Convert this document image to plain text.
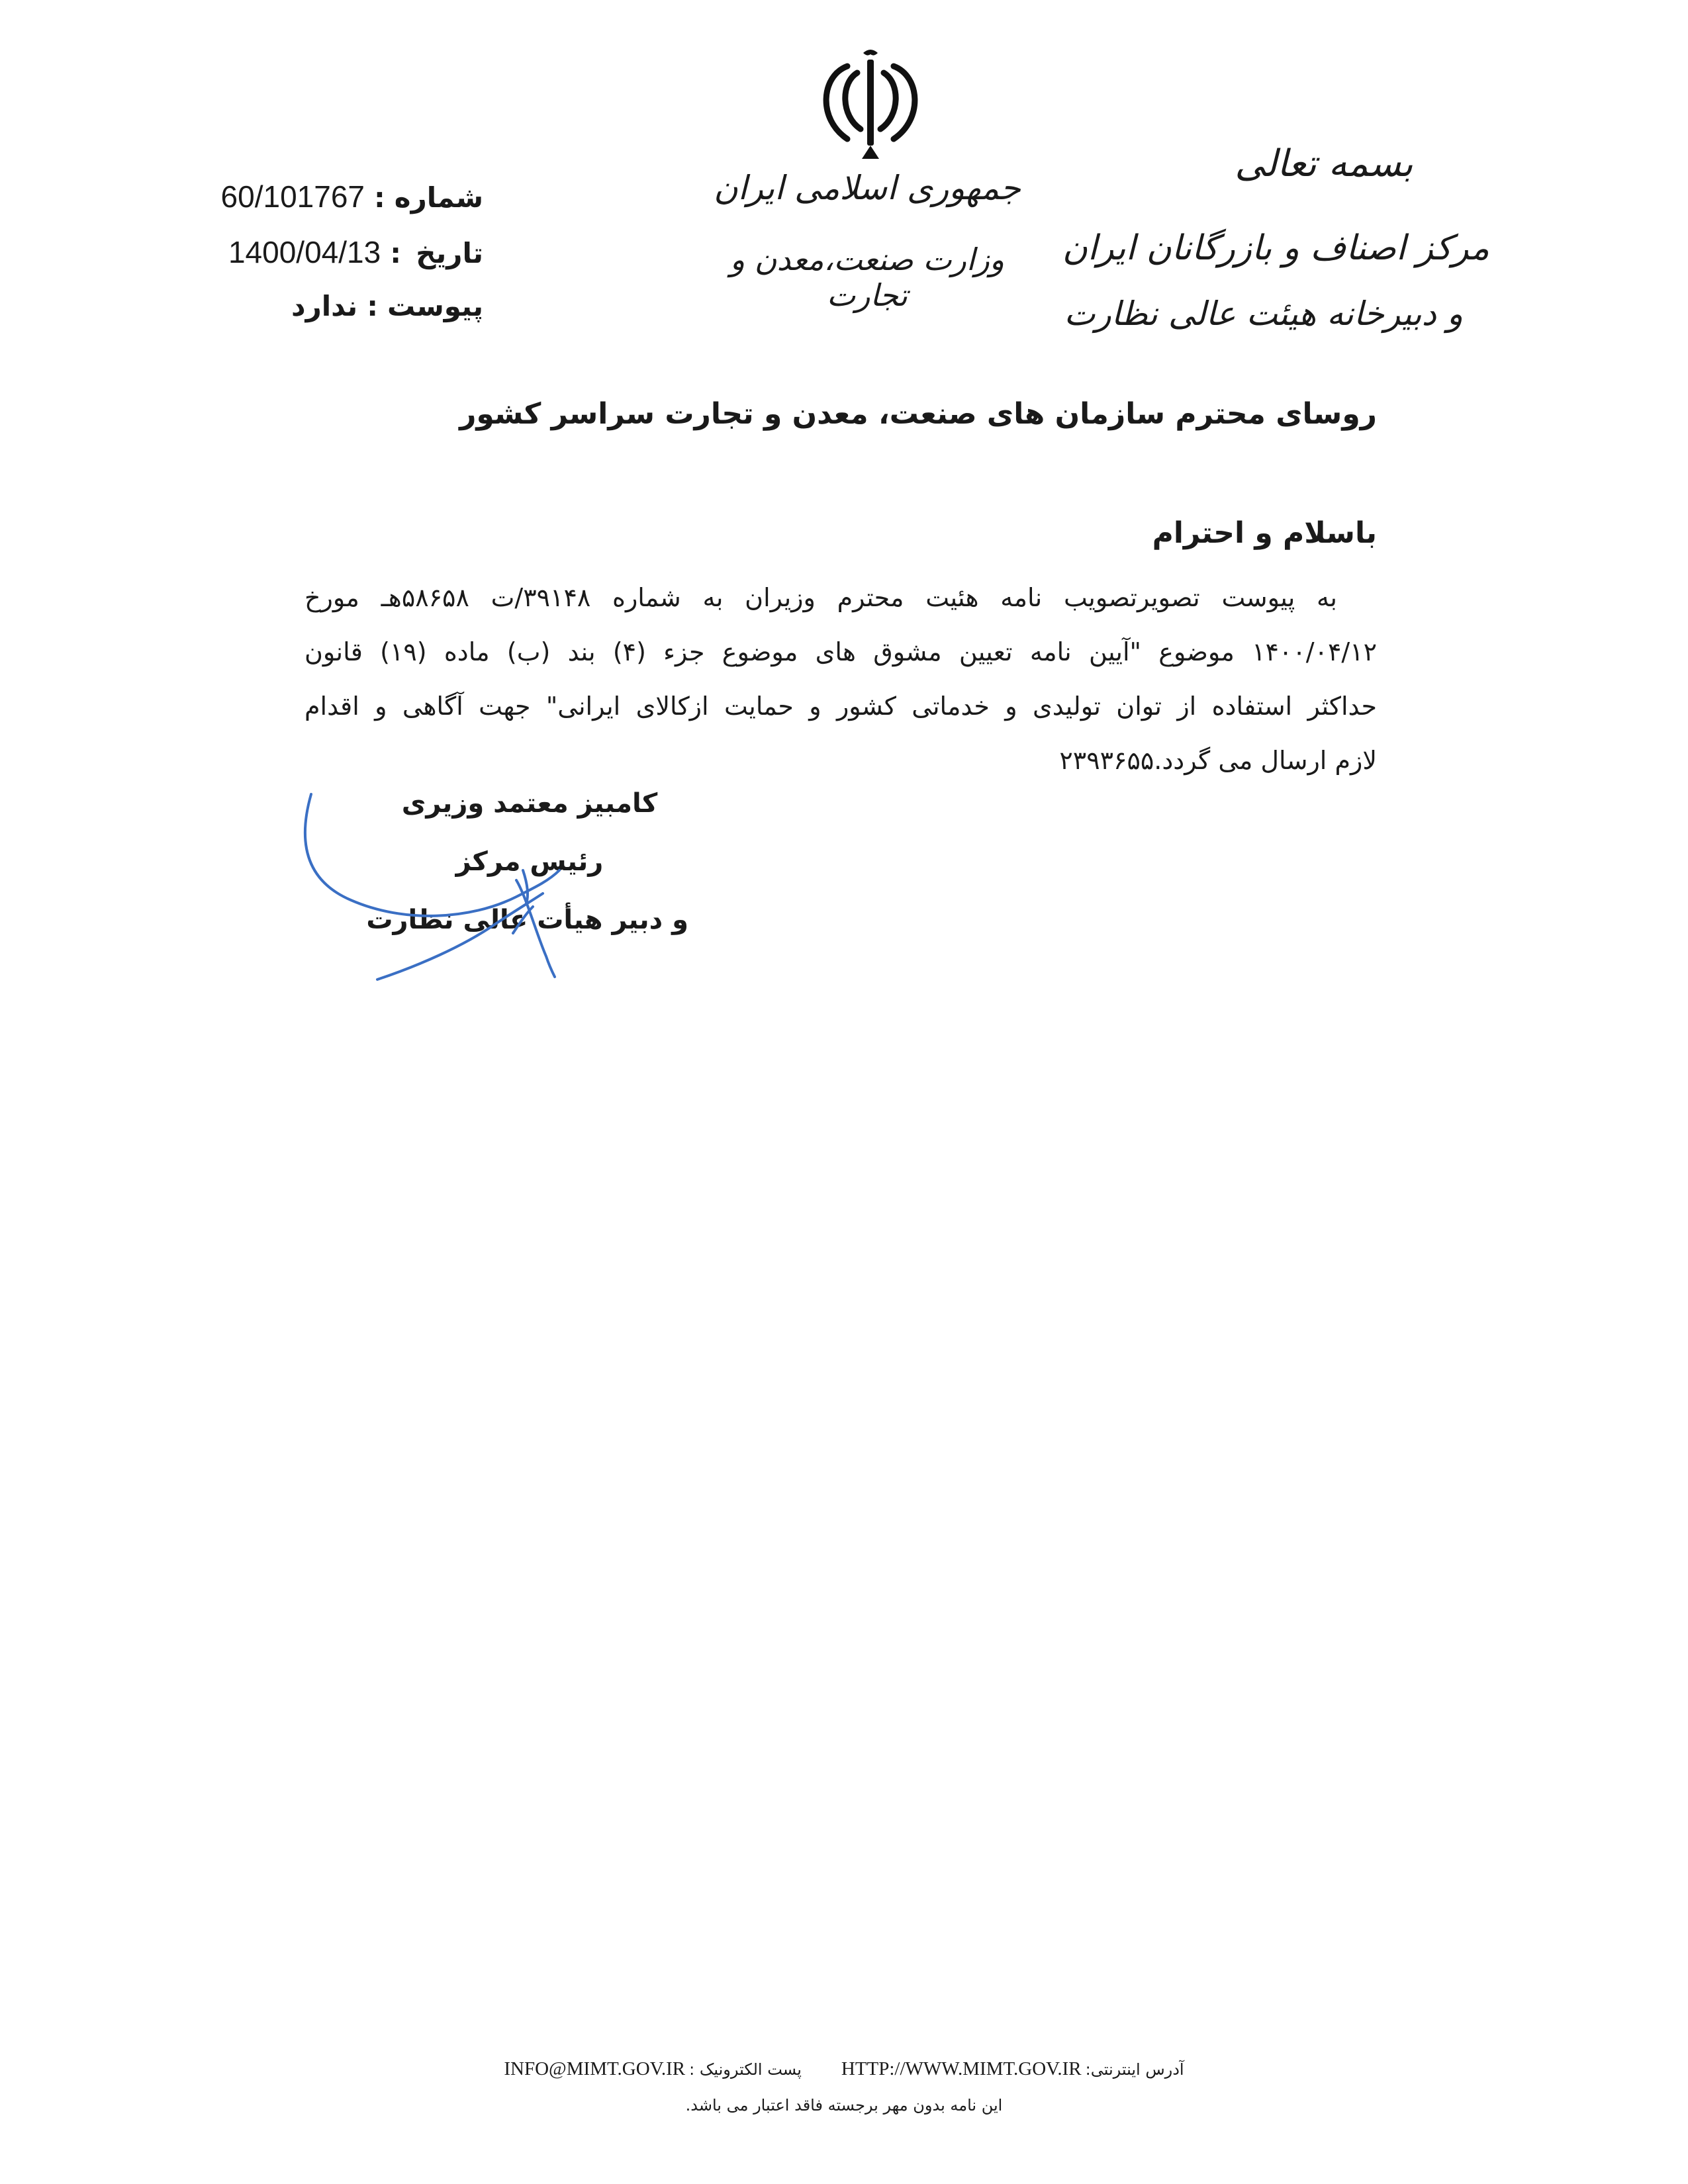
جمهوری اسلامی ایران
وزارت صنعت،معدن و تجارت
بسمه تعالی
مرکز اصناف و بازرگانان ایران
و دبیرخانه هیئت عالی نظارت
60/101767 : شماره
1400/04/13 : تاریخ
ندارد : پیوست
روسای محترم سازمان های صنعت، معدن و تجارت سراسر کشور
باسلام و احترام
به پیوست تصویرتصویب نامه هئیت محترم وزیران به شماره ۳۹۱۴۸/ت ۵۸۶۵۸هـ مورخ
۱۴۰۰/۰۴/۱۲ موضوع "آیین نامه تعیین مشوق های موضوع جزء (۴) بند (ب) ماده (۱۹) قانون
حداکثر استفاده از توان تولیدی و خدماتی کشور و حمایت ازکالای ایرانی" جهت آگاهی و اقدام
لازم ارسال می گردد.۲۳۹۳۶۵۵
کامبیز معتمد وزیری
رئیس مرکز
و دبیر هیأت عالی نظارت
INFO@MIMT.GOV.IR پست الکترونیک : HTTP://WWW.MIMT.GOV.IR آدرس اینترنتی:
این نامه بدون مهر برجسته فاقد اعتبار می باشد.
